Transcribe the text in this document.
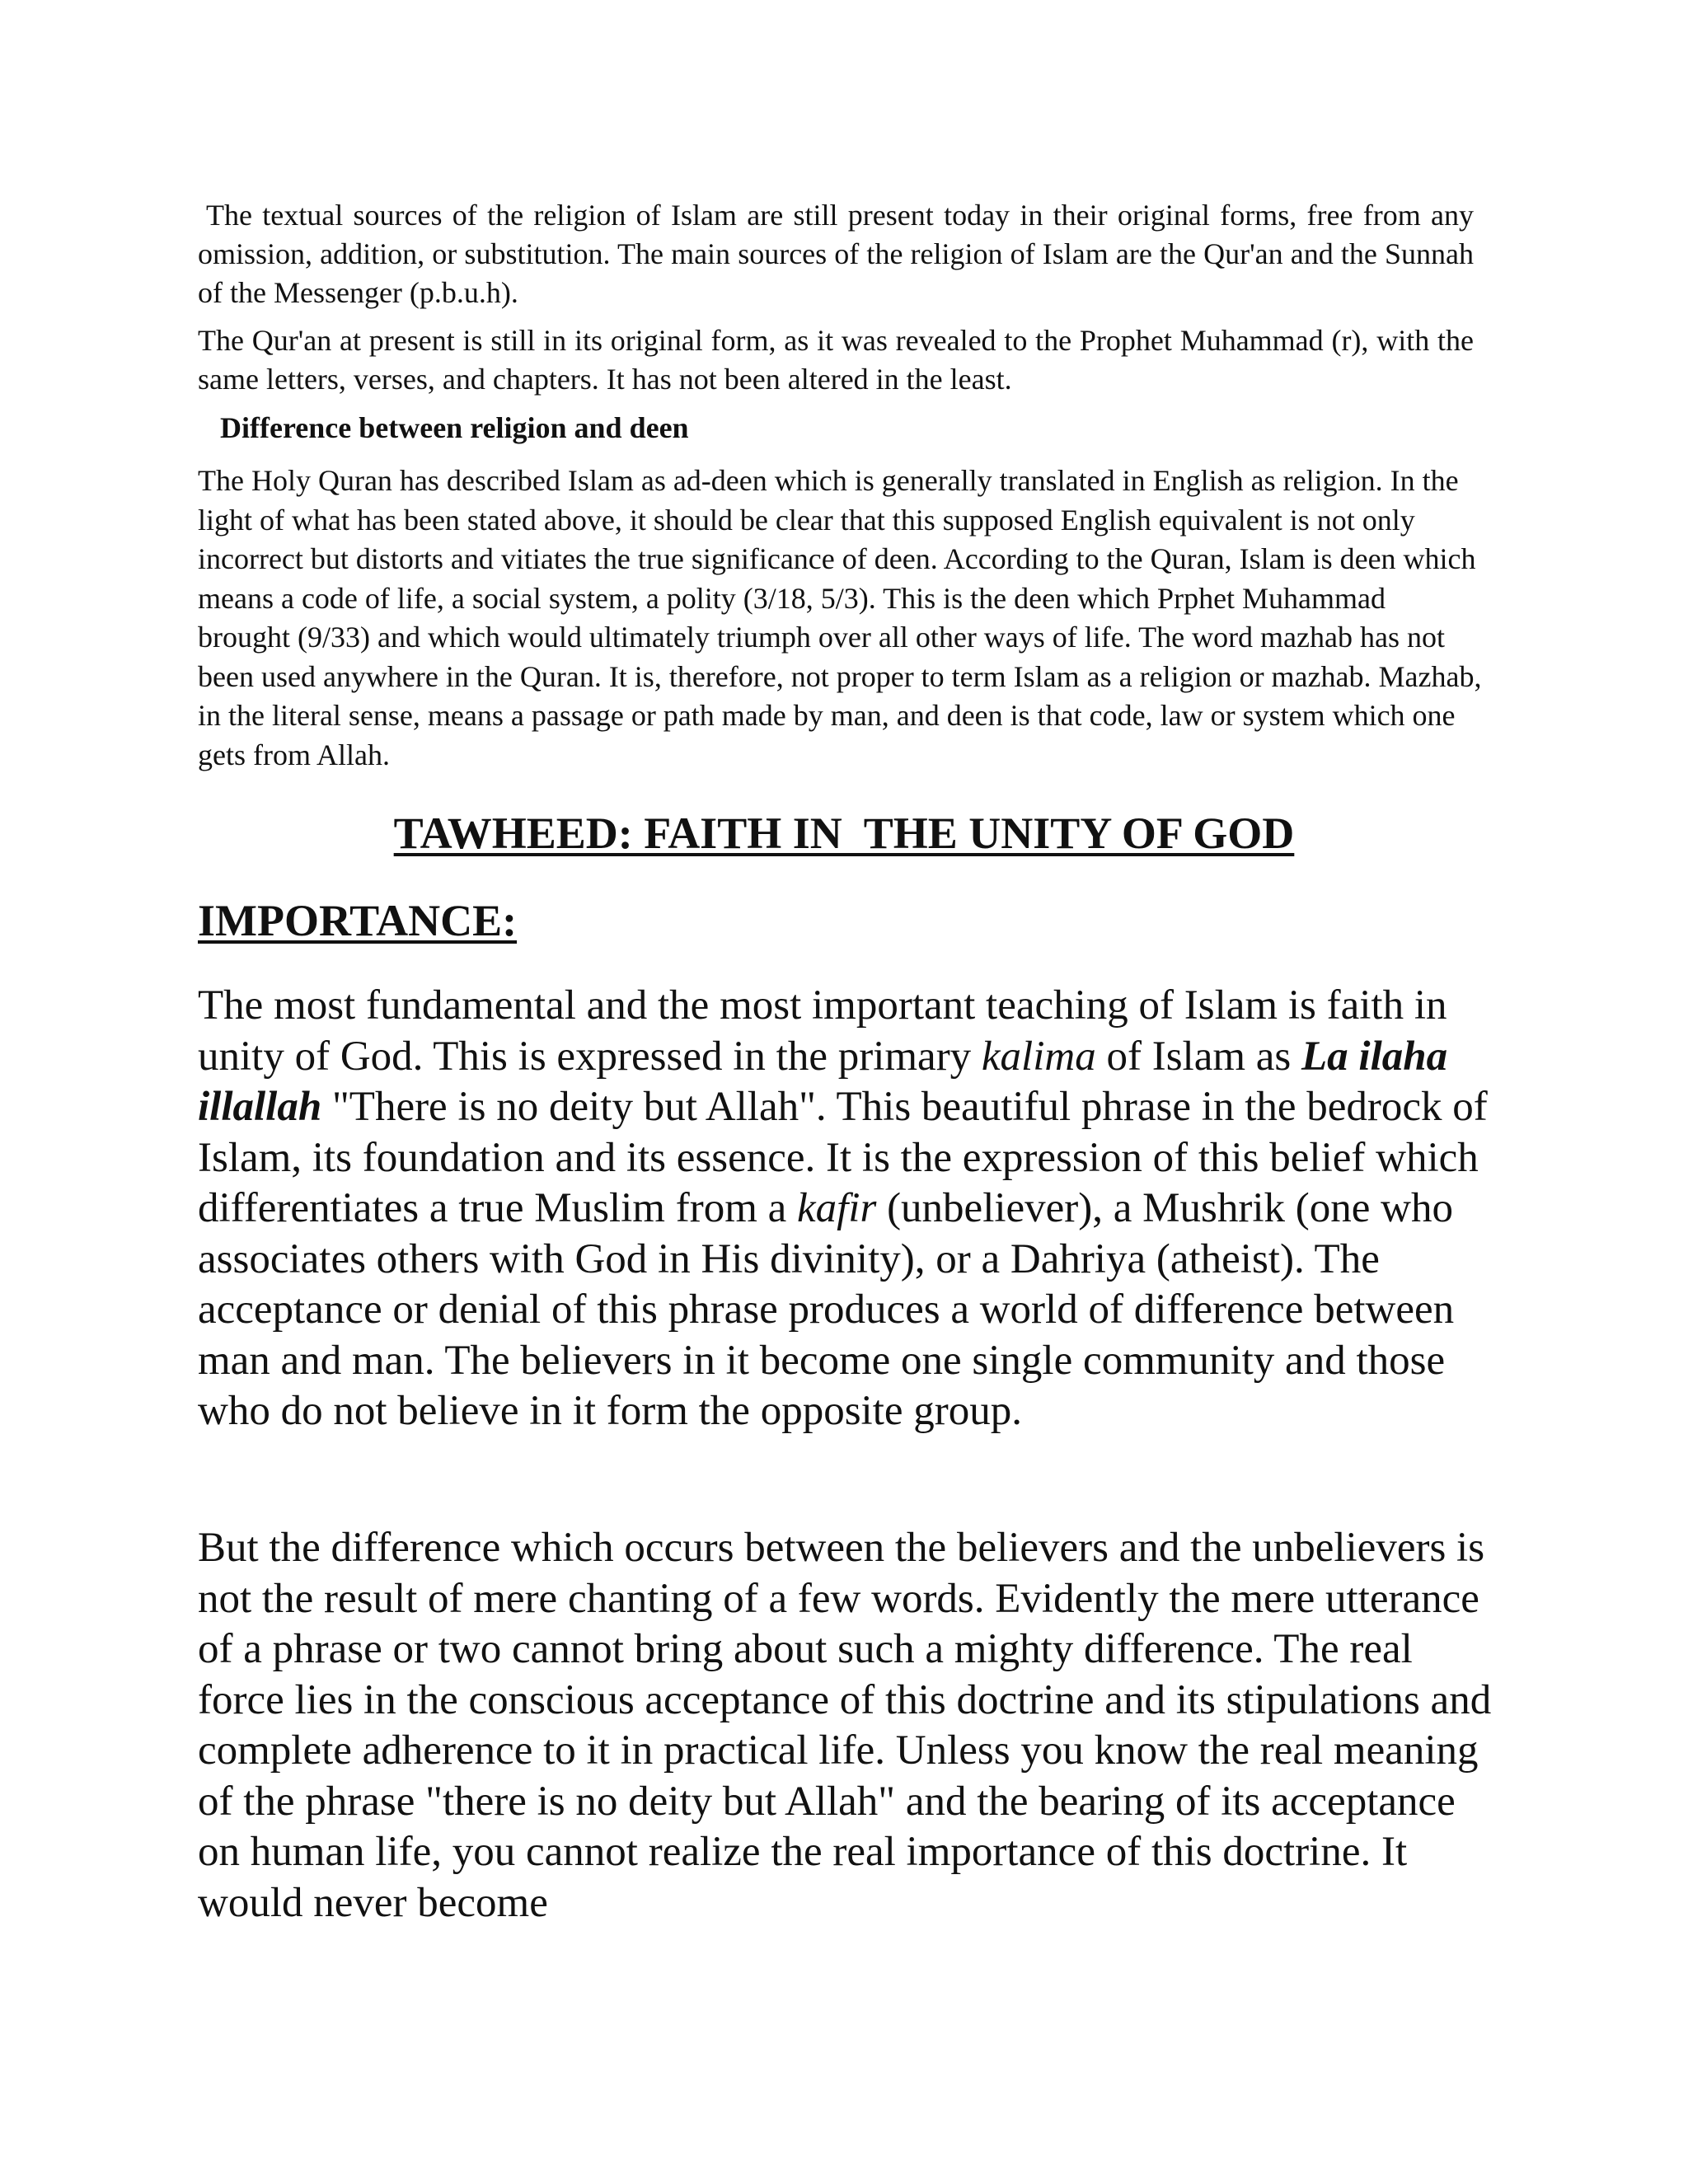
The textual sources of the religion of Islam are still present today in their original forms, free from any omission, addition, or substitution. The main sources of the religion of Islam are the Qur'an and the Sunnah of the Messenger (p.b.u.h).

The Qur'an at present is still in its original form, as it was revealed to the Prophet Muhammad (r), with the same letters, verses, and chapters. It has not been altered in the least.

Difference between religion and deen

The Holy Quran has described Islam as ad-deen which is generally translated in English as religion. In the light of what has been stated above, it should be clear that this supposed English equivalent is not only incorrect but distorts and vitiates the true significance of deen. According to the Quran, Islam is deen which means a code of life, a social system, a polity (3/18, 5/3). This is the deen which Prphet Muhammad brought (9/33) and which would ultimately triumph over all other ways of life. The word mazhab has not been used anywhere in the Quran. It is, therefore, not proper to term Islam as a religion or mazhab. Mazhab, in the literal sense, means a passage or path made by man, and deen is that code, law or system which one gets from Allah.

TAWHEED: FAITH IN  THE UNITY OF GOD
IMPORTANCE:

The most fundamental and the most important teaching of Islam is faith in unity of God. This is expressed in the primary kalima of Islam as La ilaha illallah "There is no deity but Allah". This beautiful phrase in the bedrock of Islam, its foundation and its essence. It is the expression of this belief which differentiates a true Muslim from a kafir (unbeliever), a Mushrik (one who associates others with God in His divinity), or a Dahriya (atheist). The acceptance or denial of this phrase produces a world of difference between man and man. The believers in it become one single community and those who do not believe in it form the opposite group.

But the difference which occurs between the believers and the unbelievers is not the result of mere chanting of a few words. Evidently the mere utterance of a phrase or two cannot bring about such a mighty difference. The real force lies in the conscious acceptance of this doctrine and its stipulations and complete adherence to it in practical life. Unless you know the real meaning of the phrase "there is no deity but Allah" and the bearing of its acceptance on human life, you cannot realize the real importance of this doctrine. It would never become
